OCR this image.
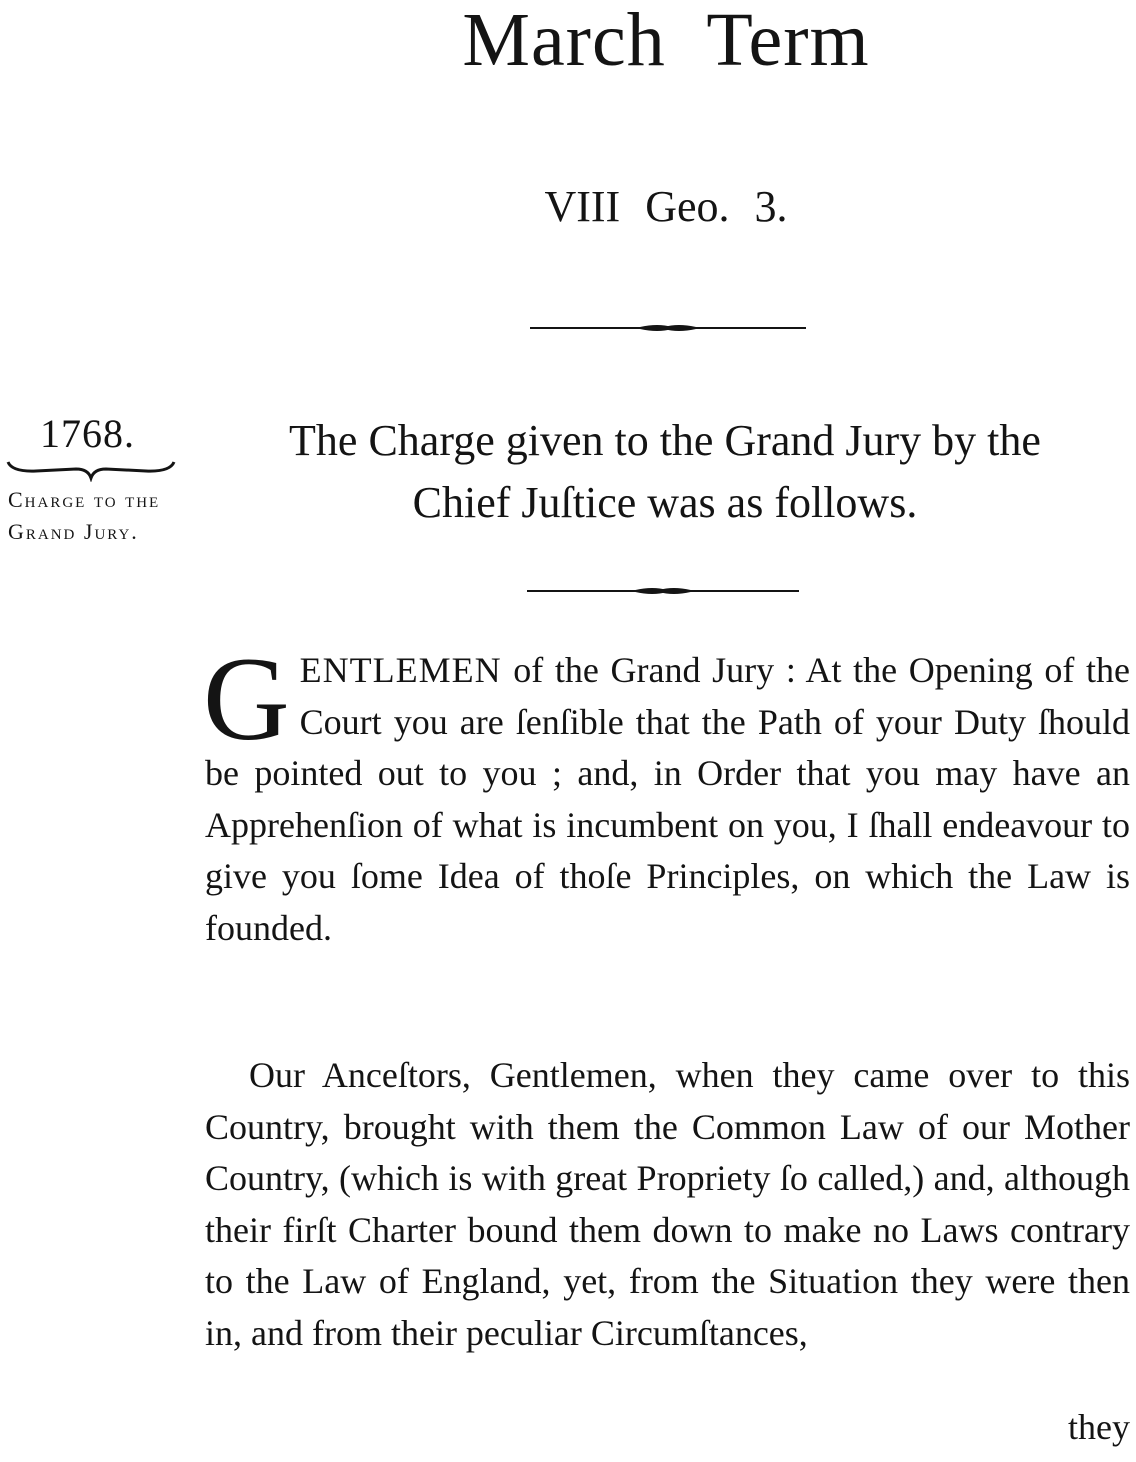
March Term
VIII Geo. 3.
1768.
Charge to the Grand Jury.
The Charge given to the Grand Jury by the
Chief Juſtice was as follows.

GENTLEMEN of the Grand Jury : At the Opening of the Court you are ſenſible that the Path of your Duty ſhould be pointed out to you ; and, in Order that you may have an Apprehenſion of what is incumbent on you, I ſhall endeavour to give you ſome Idea of thoſe Principles, on which the Law is founded.

Our Anceſtors, Gentlemen, when they came over to this Country, brought with them the Common Law of our Mother Country, (which is with great Propriety ſo called,) and, although their firſt Charter bound them down to make no Laws contrary to the Law of England, yet, from the Situation they were then in, and from their peculiar Circumſtances,

they
